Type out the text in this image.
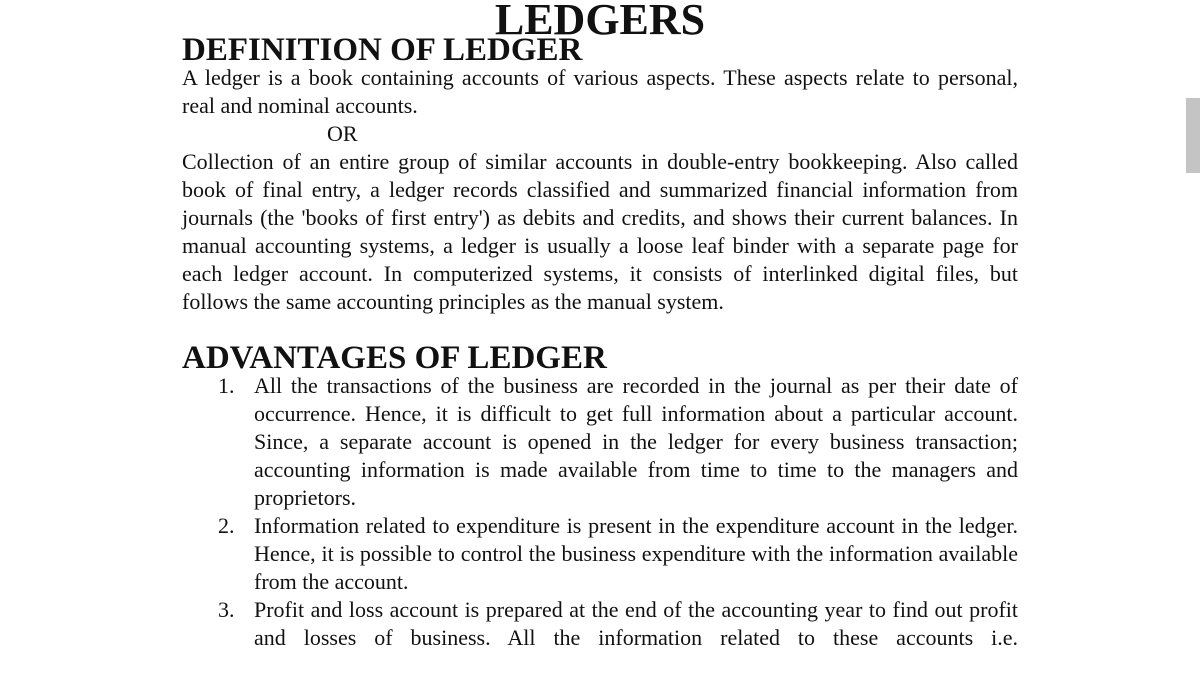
LEDGERS
DEFINITION OF LEDGER

A ledger is a book containing accounts of various aspects. These aspects relate to personal, real and nominal accounts.

OR

Collection of an entire group of similar accounts in double-entry bookkeeping. Also called book of final entry, a ledger records classified and summarized financial information from journals (the 'books of first entry') as debits and credits, and shows their current balances. In manual accounting systems, a ledger is usually a loose leaf binder with a separate page for each ledger account. In computerized systems, it consists of interlinked digital files, but follows the same accounting principles as the manual system.

ADVANTAGES OF LEDGER
1. All the transactions of the business are recorded in the journal as per their date of occurrence. Hence, it is difficult to get full information about a particular account. Since, a separate account is opened in the ledger for every business transaction; accounting information is made available from time to time to the managers and proprietors.
2. Information related to expenditure is present in the expenditure account in the ledger. Hence, it is possible to control the business expenditure with the information available from the account.
3. Profit and loss account is prepared at the end of the accounting year to find out profit and losses of business. All the information related to these accounts i.e.
